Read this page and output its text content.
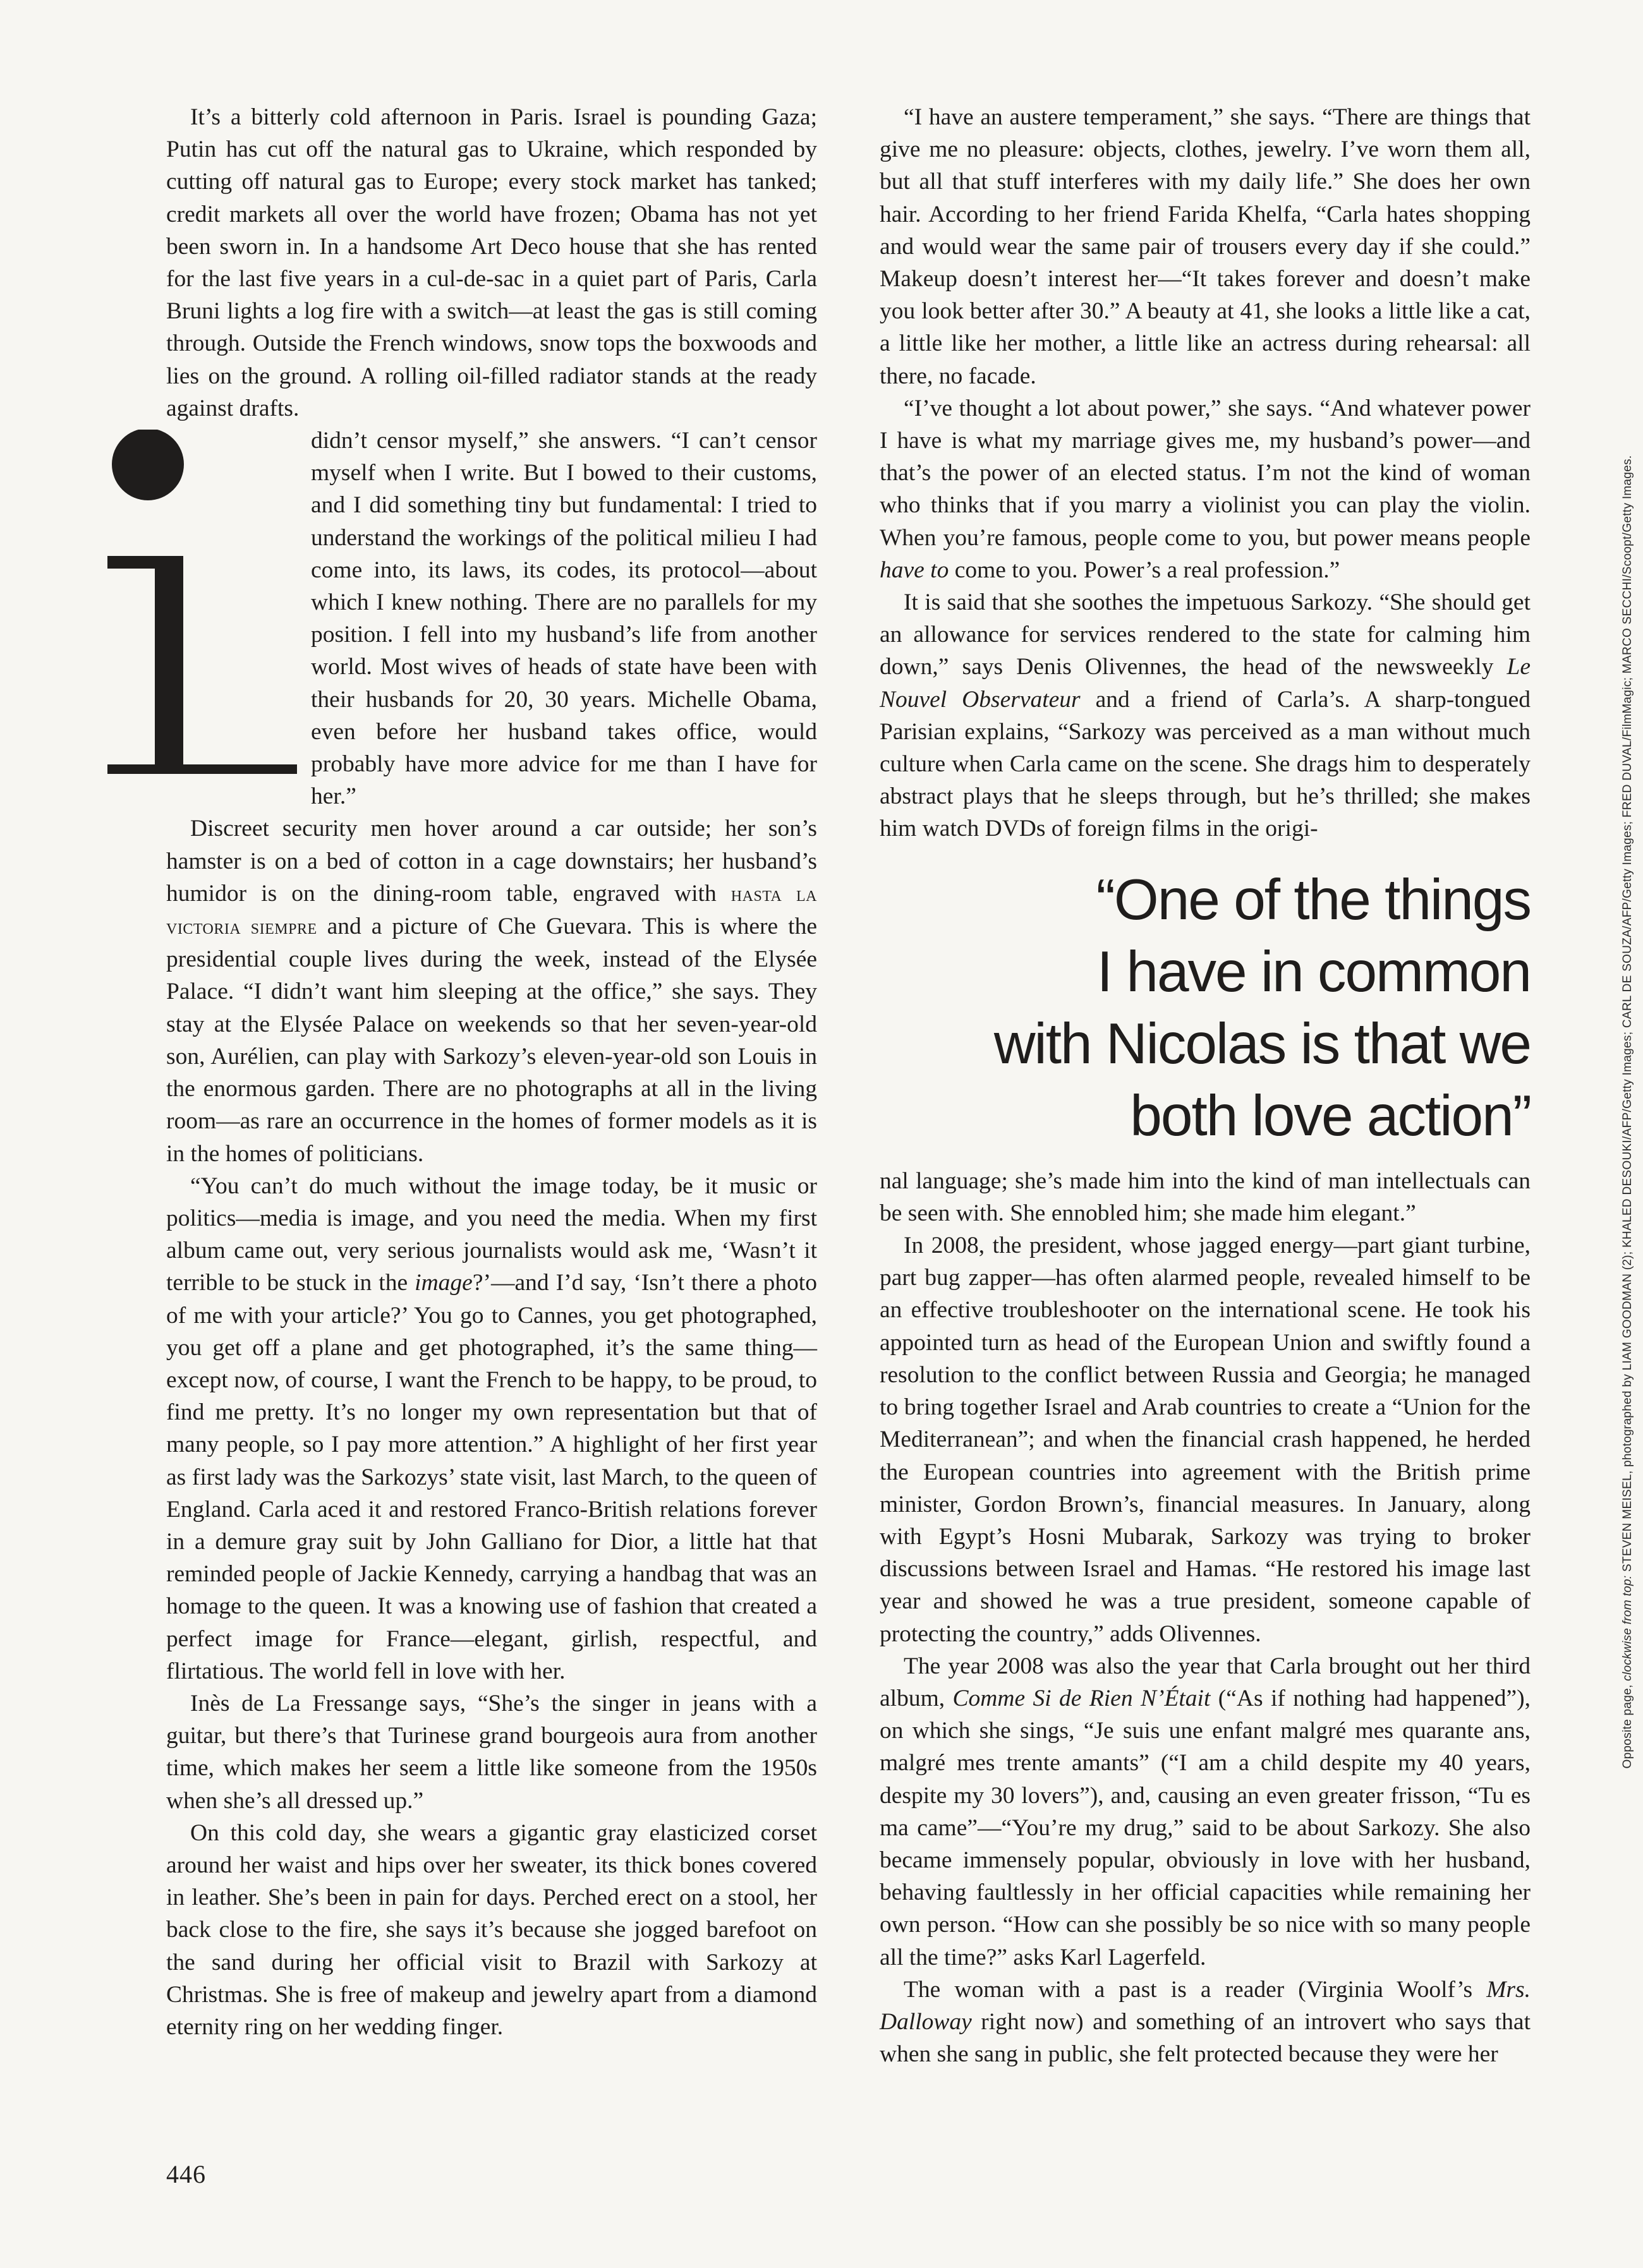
It’s a bitterly cold afternoon in Paris. Israel is pounding Gaza; Putin has cut off the natural gas to Ukraine, which responded by cutting off natural gas to Europe; every stock market has tanked; credit markets all over the world have frozen; Obama has not yet been sworn in. In a handsome Art Deco house that she has rented for the last five years in a cul-de-sac in a quiet part of Paris, Carla Bruni lights a log fire with a switch—at least the gas is still coming through. Outside the French windows, snow tops the boxwoods and lies on the ground. A rolling oil-filled radiator stands at the ready against drafts.

didn’t censor myself,” she answers. “I can’t censor myself when I write. But I bowed to their customs, and I did something tiny but fundamental: I tried to understand the workings of the political milieu I had come into, its laws, its codes, its protocol—about which I knew nothing. There are no parallels for my position. I fell into my husband’s life from another world. Most wives of heads of state have been with their husbands for 20, 30 years. Michelle Obama, even before her husband takes office, would probably have more advice for me than I have for her.”

Discreet security men hover around a car outside; her son’s hamster is on a bed of cotton in a cage downstairs; her husband’s humidor is on the dining-room table, engraved with hasta la victoria siempre and a picture of Che Guevara. This is where the presidential couple lives during the week, instead of the Elysée Palace. “I didn’t want him sleeping at the office,” she says. They stay at the Elysée Palace on weekends so that her seven-year-old son, Aurélien, can play with Sarkozy’s eleven-year-old son Louis in the enormous garden. There are no photographs at all in the living room—as rare an occurrence in the homes of former models as it is in the homes of politicians.

“You can’t do much without the image today, be it music or politics—media is image, and you need the media. When my first album came out, very serious journalists would ask me, ‘Wasn’t it terrible to be stuck in the image?’—and I’d say, ‘Isn’t there a photo of me with your article?’ You go to Cannes, you get photographed, you get off a plane and get photographed, it’s the same thing—except now, of course, I want the French to be happy, to be proud, to find me pretty. It’s no longer my own representation but that of many people, so I pay more attention.” A highlight of her first year as first lady was the Sarkozys’ state visit, last March, to the queen of England. Carla aced it and restored Franco-British relations forever in a demure gray suit by John Galliano for Dior, a little hat that reminded people of Jackie Kennedy, carrying a handbag that was an homage to the queen. It was a knowing use of fashion that created a perfect image for France—elegant, girlish, respectful, and flirtatious. The world fell in love with her.

Inès de La Fressange says, “She’s the singer in jeans with a guitar, but there’s that Turinese grand bourgeois aura from another time, which makes her seem a little like someone from the 1950s when she’s all dressed up.”

On this cold day, she wears a gigantic gray elasticized corset around her waist and hips over her sweater, its thick bones covered in leather. She’s been in pain for days. Perched erect on a stool, her back close to the fire, she says it’s because she jogged barefoot on the sand during her official visit to Brazil with Sarkozy at Christmas. She is free of makeup and jewelry apart from a diamond eternity ring on her wedding finger.

“I have an austere temperament,” she says. “There are things that give me no pleasure: objects, clothes, jewelry. I’ve worn them all, but all that stuff interferes with my daily life.” She does her own hair. According to her friend Farida Khelfa, “Carla hates shopping and would wear the same pair of trousers every day if she could.” Makeup doesn’t interest her—“It takes forever and doesn’t make you look better after 30.” A beauty at 41, she looks a little like a cat, a little like her mother, a little like an actress during rehearsal: all there, no facade.

“I’ve thought a lot about power,” she says. “And whatever power I have is what my marriage gives me, my husband’s power—and that’s the power of an elected status. I’m not the kind of woman who thinks that if you marry a violinist you can play the violin. When you’re famous, people come to you, but power means people have to come to you. Power’s a real profession.”

It is said that she soothes the impetuous Sarkozy. “She should get an allowance for services rendered to the state for calming him down,” says Denis Olivennes, the head of the newsweekly Le Nouvel Observateur and a friend of Carla’s. A sharp-tongued Parisian explains, “Sarkozy was perceived as a man without much culture when Carla came on the scene. She drags him to desperately abstract plays that he sleeps through, but he’s thrilled; she makes him watch DVDs of foreign films in the origi-

“One of the things
I have in common
with Nicolas is that we
both love action”

nal language; she’s made him into the kind of man intellectuals can be seen with. She ennobled him; she made him elegant.”

In 2008, the president, whose jagged energy—part giant turbine, part bug zapper—has often alarmed people, revealed himself to be an effective troubleshooter on the international scene. He took his appointed turn as head of the European Union and swiftly found a resolution to the conflict between Russia and Georgia; he managed to bring together Israel and Arab countries to create a “Union for the Mediterranean”; and when the financial crash happened, he herded the European countries into agreement with the British prime minister, Gordon Brown’s, financial measures. In January, along with Egypt’s Hosni Mubarak, Sarkozy was trying to broker discussions between Israel and Hamas. “He restored his image last year and showed he was a true president, someone capable of protecting the country,” adds Olivennes.

The year 2008 was also the year that Carla brought out her third album, Comme Si de Rien N’Était (“As if nothing had happened”), on which she sings, “Je suis une enfant malgré mes quarante ans, malgré mes trente amants” (“I am a child despite my 40 years, despite my 30 lovers”), and, causing an even greater frisson, “Tu es ma came”—“You’re my drug,” said to be about Sarkozy. She also became immensely popular, obviously in love with her husband, behaving faultlessly in her official capacities while remaining her own person. “How can she possibly be so nice with so many people all the time?” asks Karl Lagerfeld.

The woman with a past is a reader (Virginia Woolf’s Mrs. Dalloway right now) and something of an introvert who says that when she sang in public, she felt protected because they were her

446
Opposite page, clockwise from top: STEVEN MEISEL, photographed by LIAM GOODMAN (2); KHALED DESOUKI/AFP/Getty Images; CARL DE SOUZA/AFP/Getty Images; FRED DUVAL/FilmMagic; MARCO SECCHI/Scoopt/Getty Images.
